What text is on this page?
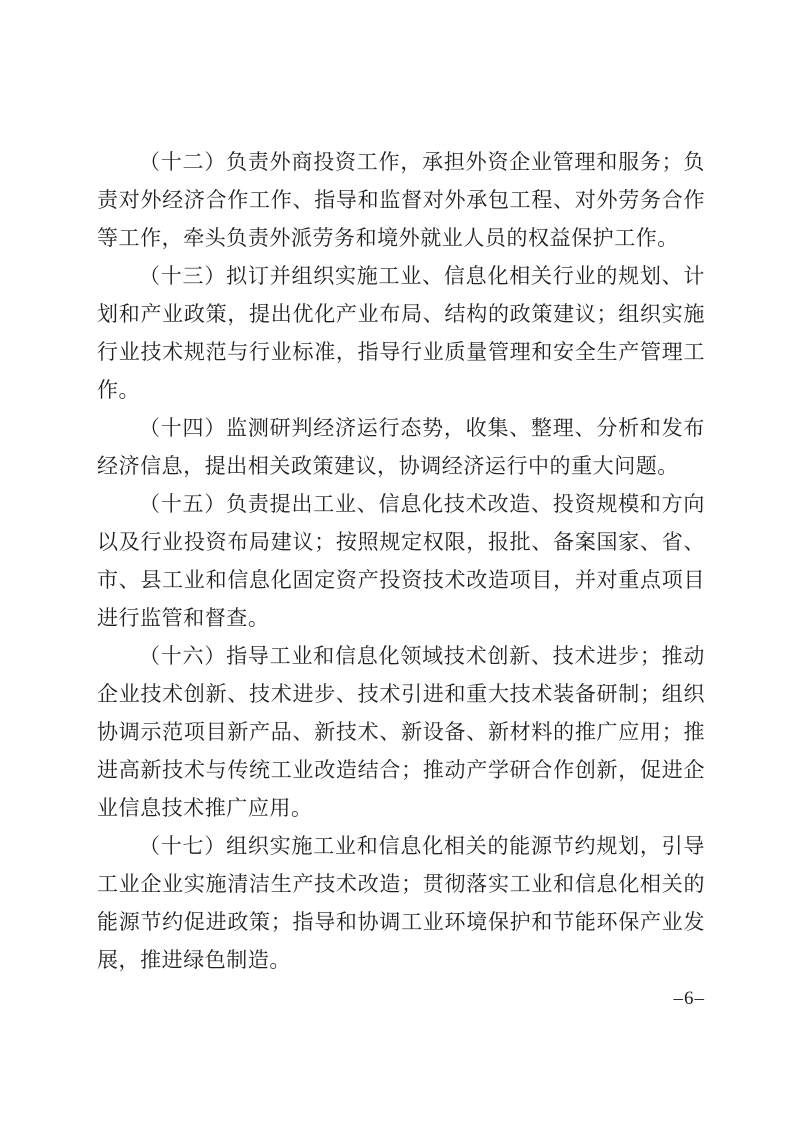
（十二）负责外商投资工作，承担外资企业管理和服务；负责对外经济合作工作、指导和监督对外承包工程、对外劳务合作等工作，牵头负责外派劳务和境外就业人员的权益保护工作。

（十三）拟订并组织实施工业、信息化相关行业的规划、计划和产业政策，提出优化产业布局、结构的政策建议；组织实施行业技术规范与行业标准，指导行业质量管理和安全生产管理工作。

（十四）监测研判经济运行态势，收集、整理、分析和发布经济信息，提出相关政策建议，协调经济运行中的重大问题。

（十五）负责提出工业、信息化技术改造、投资规模和方向以及行业投资布局建议；按照规定权限，报批、备案国家、省、市、县工业和信息化固定资产投资技术改造项目，并对重点项目进行监管和督查。

（十六）指导工业和信息化领域技术创新、技术进步；推动企业技术创新、技术进步、技术引进和重大技术装备研制；组织协调示范项目新产品、新技术、新设备、新材料的推广应用；推进高新技术与传统工业改造结合；推动产学研合作创新，促进企业信息技术推广应用。

（十七）组织实施工业和信息化相关的能源节约规划，引导工业企业实施清洁生产技术改造；贯彻落实工业和信息化相关的能源节约促进政策；指导和协调工业环境保护和节能环保产业发展，推进绿色制造。

–6–
